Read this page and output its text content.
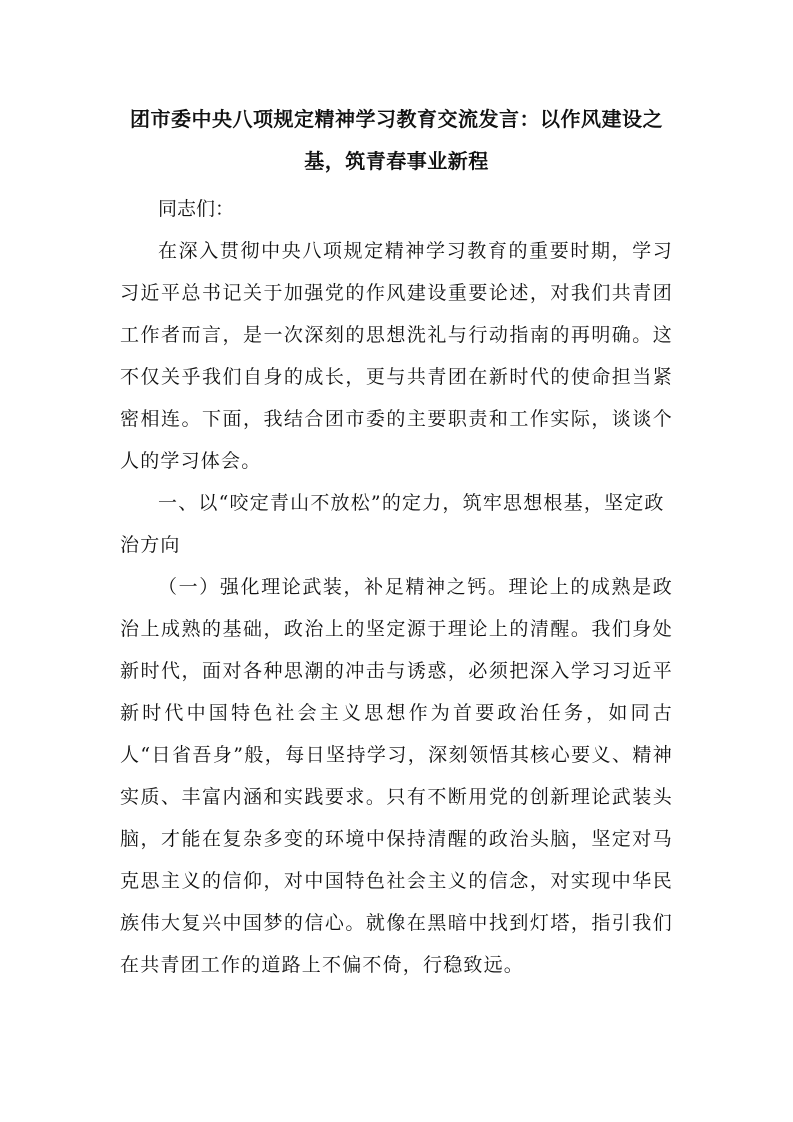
团市委中央八项规定精神学习教育交流发言：以作风建设之基，筑青春事业新程

同志们：

在深入贯彻中央八项规定精神学习教育的重要时期，学习习近平总书记关于加强党的作风建设重要论述，对我们共青团工作者而言，是一次深刻的思想洗礼与行动指南的再明确。这不仅关乎我们自身的成长，更与共青团在新时代的使命担当紧密相连。下面，我结合团市委的主要职责和工作实际，谈谈个人的学习体会。

一、以“咬定青山不放松”的定力，筑牢思想根基，坚定政治方向

（一）强化理论武装，补足精神之钙。理论上的成熟是政治上成熟的基础，政治上的坚定源于理论上的清醒。我们身处新时代，面对各种思潮的冲击与诱惑，必须把深入学习习近平新时代中国特色社会主义思想作为首要政治任务，如同古人“日省吾身”般，每日坚持学习，深刻领悟其核心要义、精神实质、丰富内涵和实践要求。只有不断用党的创新理论武装头脑，才能在复杂多变的环境中保持清醒的政治头脑，坚定对马克思主义的信仰，对中国特色社会主义的信念，对实现中华民族伟大复兴中国梦的信心。就像在黑暗中找到灯塔，指引我们在共青团工作的道路上不偏不倚，行稳致远。
